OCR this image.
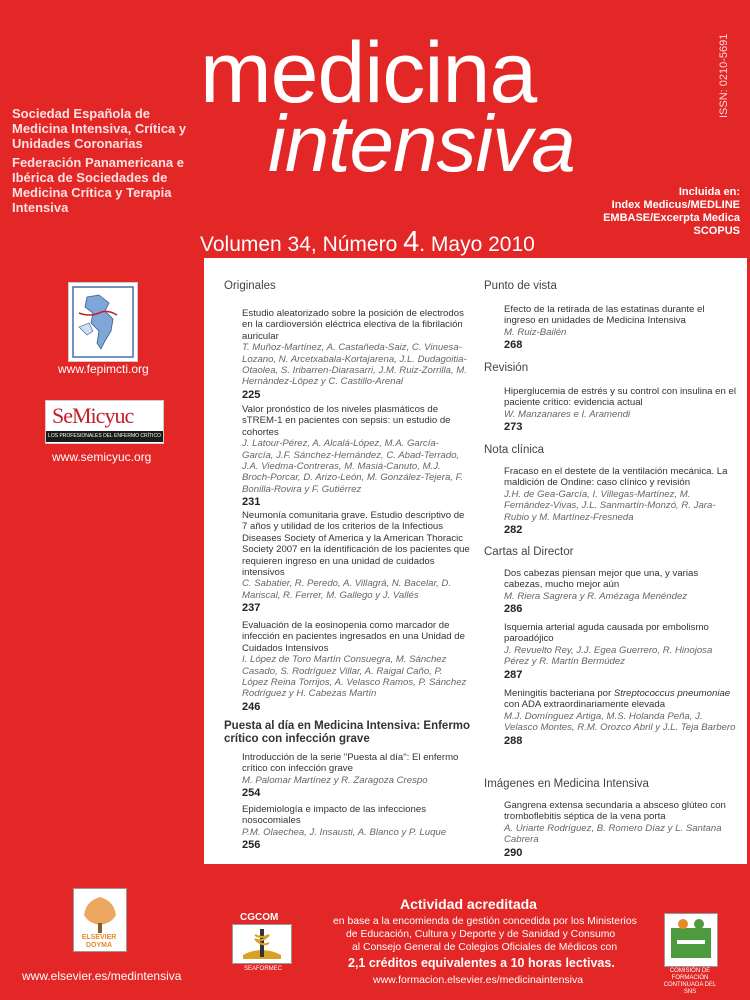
medicina
intensiva
ISSN: 0210-5691
Sociedad Española de Medicina Intensiva, Crítica y Unidades Coronarias
Federación Panamericana e Ibérica de Sociedades de Medicina Crítica y Terapia Intensiva
Volumen 34, Número 4. Mayo 2010
Incluida en:
Index Medicus/MEDLINE
EMBASE/Excerpta Medica
SCOPUS
www.fepimcti.org
SeMicyuc
LOS PROFESIONALES DEL ENFERMO CRÍTICO
www.semicyuc.org
Originales
Estudio aleatorizado sobre la posición de electrodos en la cardioversión eléctrica electiva de la fibrilación auricular
T. Muñoz-Martínez, A. Castañeda-Saiz, C. Vinuesa-Lozano, N. Arcetxabala-Kortajarena, J.L. Dudagoitia-Otaolea, S. Iribarren-Diarasarri, J.M. Ruiz-Zorrilla, M. Hernández-López y C. Castillo-Arenal
225
Valor pronóstico de los niveles plasmáticos de sTREM-1 en pacientes con sepsis: un estudio de cohortes
J. Latour-Pérez, A. Alcalá-López, M.A. García-García, J.F. Sánchez-Hernández, C. Abad-Terrado, J.A. Viedma-Contreras, M. Masiá-Canuto, M.J. Broch-Porcar, D. Arizo-León, M. González-Tejera, F. Bonilla-Rovira y F. Gutiérrez
231
Neumonía comunitaria grave. Estudio descriptivo de 7 años y utilidad de los criterios de la Infectious Diseases Society of America y la American Thoracic Society 2007 en la identificación de los pacientes que requieren ingreso en una unidad de cuidados intensivos
C. Sabatier, R. Peredo, A. Villagrá, N. Bacelar, D. Mariscal, R. Ferrer, M. Gallego y J. Vallés
237
Evaluación de la eosinopenia como marcador de infección en pacientes ingresados en una Unidad de Cuidados Intensivos
I. López de Toro Martín Consuegra, M. Sánchez Casado, S. Rodríguez Villar, A. Raigal Caño, P. López Reina Torrijos, A. Velasco Ramos, P. Sánchez Rodríguez y H. Cabezas Martín
246
Puesta al día en Medicina Intensiva: Enfermo crítico con infección grave
Introducción de la serie "Puesta al día": El enfermo crítico con infección grave
M. Palomar Martínez y R. Zaragoza Crespo
254
Epidemiología e impacto de las infecciones nosocomiales
P.M. Olaechea, J. Insausti, A. Blanco y P. Luque
256
Punto de vista
Efecto de la retirada de las estatinas durante el ingreso en unidades de Medicina Intensiva
M. Ruiz-Bailén
268
Revisión
Hiperglucemia de estrés y su control con insulina en el paciente crítico: evidencia actual
W. Manzanares e I. Aramendi
273
Nota clínica
Fracaso en el destete de la ventilación mecánica. La maldición de Ondine: caso clínico y revisión
J.H. de Gea-García, I. Villegas-Martínez, M. Fernández-Vivas, J.L. Sanmartín-Monzó, R. Jara-Rubio y M. Martínez-Fresneda
282
Cartas al Director
Dos cabezas piensan mejor que una, y varias cabezas, mucho mejor aún
M. Riera Sagrera y R. Amézaga Menéndez
286
Isquemia arterial aguda causada por embolismo paroadójico
J. Revuelto Rey, J.J. Egea Guerrero, R. Hinojosa Pérez y R. Martín Bermúdez
287
Meningitis bacteriana por Streptococcus pneumoniae con ADA extraordinariamente elevada
M.J. Domínguez Artiga, M.S. Holanda Peña, J. Velasco Montes, R.M. Orozco Abril y J.L. Teja Barbero
288
Imágenes en Medicina Intensiva
Gangrena extensa secundaria a absceso glúteo con tromboflebitis séptica de la vena porta
A. Uriarte Rodríguez, B. Romero Díaz y L. Santana Cabrera
290
ELSEVIER DOYMA
www.elsevier.es/medintensiva
CGCOM
SEAFORMEC
Actividad acreditada
en base a la encomienda de gestión concedida por los Ministerios
de Educación, Cultura y Deporte y de Sanidad y Consumo
al Consejo General de Colegios Oficiales de Médicos con
2,1 créditos equivalentes a 10 horas lectivas.
www.formacion.elsevier.es/medicinaintensiva
COMISIÓN DE FORMACIÓN CONTINUADA DEL SNS
